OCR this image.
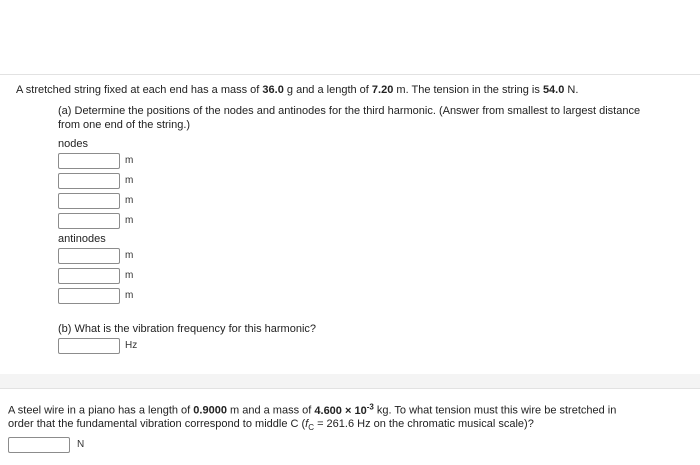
A stretched string fixed at each end has a mass of 36.0 g and a length of 7.20 m. The tension in the string is 54.0 N.
(a) Determine the positions of the nodes and antinodes for the third harmonic. (Answer from smallest to largest distance
from one end of the string.)
nodes
m
m
m
m
antinodes
m
m
m
(b) What is the vibration frequency for this harmonic?
Hz
A steel wire in a piano has a length of 0.9000 m and a mass of $4.600 \times 10^{-3}$ kg. To what tension must this wire be stretched in
order that the fundamental vibration correspond to middle C ($f_C = 261.6$ Hz on the chromatic musical scale)?
N
